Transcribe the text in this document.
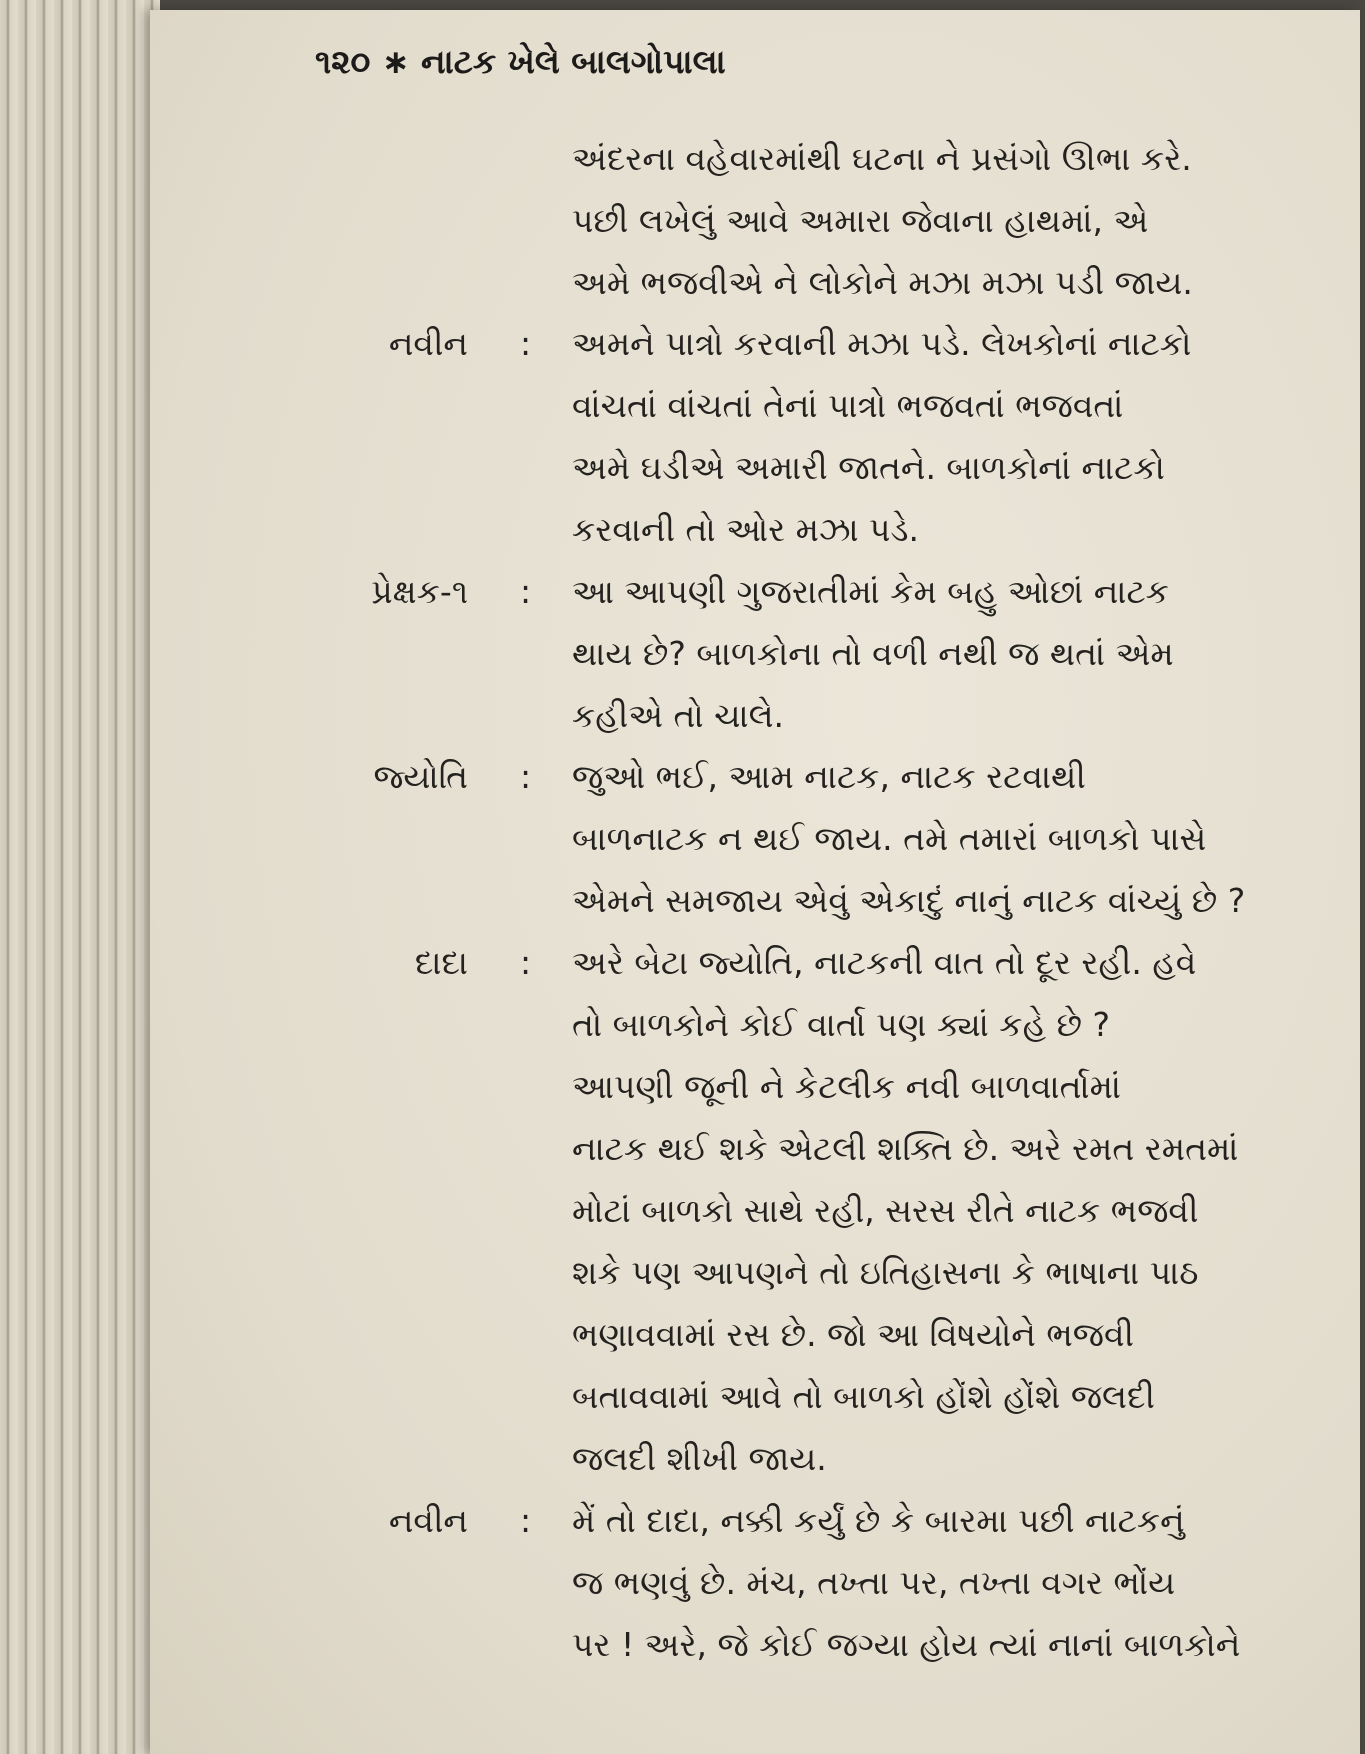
૧૨૦ ∗ નાટક ખેલે બાલગોપાલા
અંદરના વહેવારમાંથી ઘટના ને પ્રસંગો ઊભા કરે.
પછી લખેલું આવે અમારા જેવાના હાથમાં, એ
અમે ભજવીએ ને લોકોને મઝા મઝા પડી જાય.
નવીન : અમને પાત્રો કરવાની મઝા પડે. લેખકોનાં નાટકો
વાંચતાં વાંચતાં તેનાં પાત્રો ભજવતાં ભજવતાં
અમે ઘડીએ અમારી જાતને. બાળકોનાં નાટકો
કરવાની તો ઓર મઝા પડે.
પ્રેક્ષક-૧ : આ આપણી ગુજરાતીમાં કેમ બહુ ઓછાં નાટક
થાય છે? બાળકોના તો વળી નથી જ થતાં એમ
કહીએ તો ચાલે.
જ્યોતિ : જુઓ ભઈ, આમ નાટક, નાટક રટવાથી
બાળનાટક ન થઈ જાય. તમે તમારાં બાળકો પાસે
એમને સમજાય એવું એકાદું નાનું નાટક વાંચ્યું છે ?
દાદા : અરે બેટા જ્યોતિ, નાટકની વાત તો દૂર રહી. હવે
તો બાળકોને કોઈ વાર્તા પણ ક્યાં કહે છે ?
આપણી જૂની ને કેટલીક નવી બાળવાર્તામાં
નાટક થઈ શકે એટલી શક્તિ છે. અરે રમત રમતમાં
મોટાં બાળકો સાથે રહી, સરસ રીતે નાટક ભજવી
શકે પણ આપણને તો ઇતિહાસના કે ભાષાના પાઠ
ભણાવવામાં રસ છે. જો આ વિષયોને ભજવી
બતાવવામાં આવે તો બાળકો હોંશે હોંશે જલદી
જલદી શીખી જાય.
નવીન : મેં તો દાદા, નક્કી કર્યું છે કે બારમા પછી નાટકનું
જ ભણવું છે. મંચ, તખ્તા પર, તખ્તા વગર ભોંય
પર ! અરે, જે કોઈ જગ્યા હોય ત્યાં નાનાં બાળકોને
